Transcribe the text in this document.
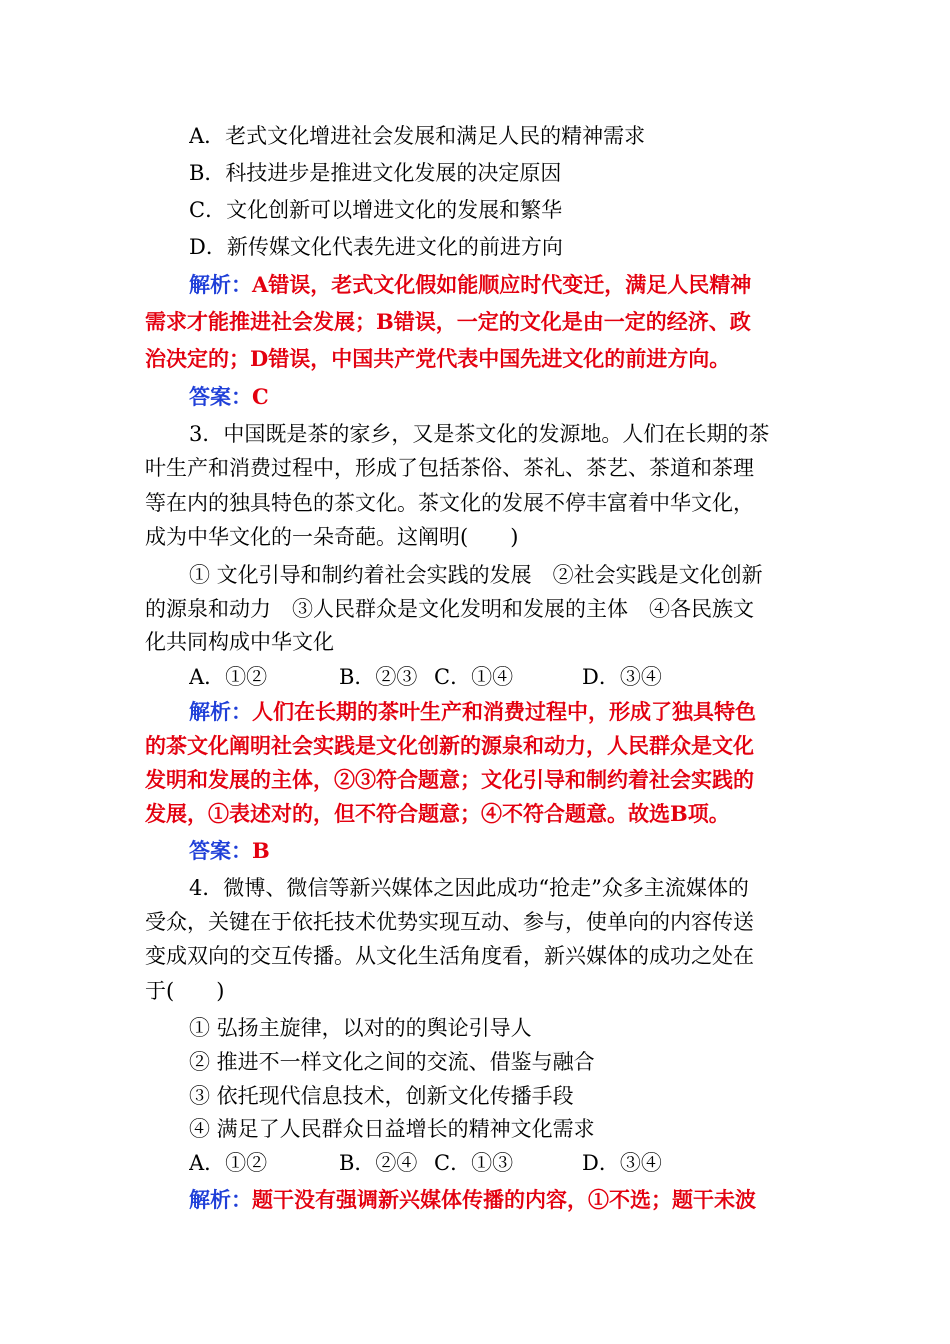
A．老式文化增进社会发展和满足人民的精神需求
B．科技进步是推进文化发展的决定原因
C．文化创新可以增进文化的发展和繁华
D．新传媒文化代表先进文化的前进方向
解析：A错误，老式文化假如能顺应时代变迁，满足人民精神
需求才能推进社会发展；B错误，一定的文化是由一定的经济、政
治决定的；D错误，中国共产党代表中国先进文化的前进方向。
答案：C
3．中国既是茶的家乡，又是茶文化的发源地。人们在长期的茶
叶生产和消费过程中，形成了包括茶俗、茶礼、茶艺、茶道和茶理
等在内的独具特色的茶文化。茶文化的发展不停丰富着中华文化，
成为中华文化的一朵奇葩。这阐明(　　)
① 文化引导和制约着社会实践的发展　②社会实践是文化创新
的源泉和动力　③人民群众是文化发明和发展的主体　④各民族文
化共同构成中华文化
A．①②	B．②③ C．①④	D．③④
解析：人们在长期的茶叶生产和消费过程中，形成了独具特色
的茶文化阐明社会实践是文化创新的源泉和动力，人民群众是文化
发明和发展的主体，②③符合题意；文化引导和制约着社会实践的
发展，①表述对的，但不符合题意；④不符合题意。故选B项。
答案：B
4．微博、微信等新兴媒体之因此成功“抢走”众多主流媒体的
受众，关键在于依托技术优势实现互动、参与，使单向的内容传送
变成双向的交互传播。从文化生活角度看，新兴媒体的成功之处在
于(　　)
① 弘扬主旋律，以对的的舆论引导人
② 推进不一样文化之间的交流、借鉴与融合
③ 依托现代信息技术，创新文化传播手段
④ 满足了人民群众日益增长的精神文化需求
A．①②	B．②④ C．①③	D．③④
解析：题干没有强调新兴媒体传播的内容，①不选；题干未波
